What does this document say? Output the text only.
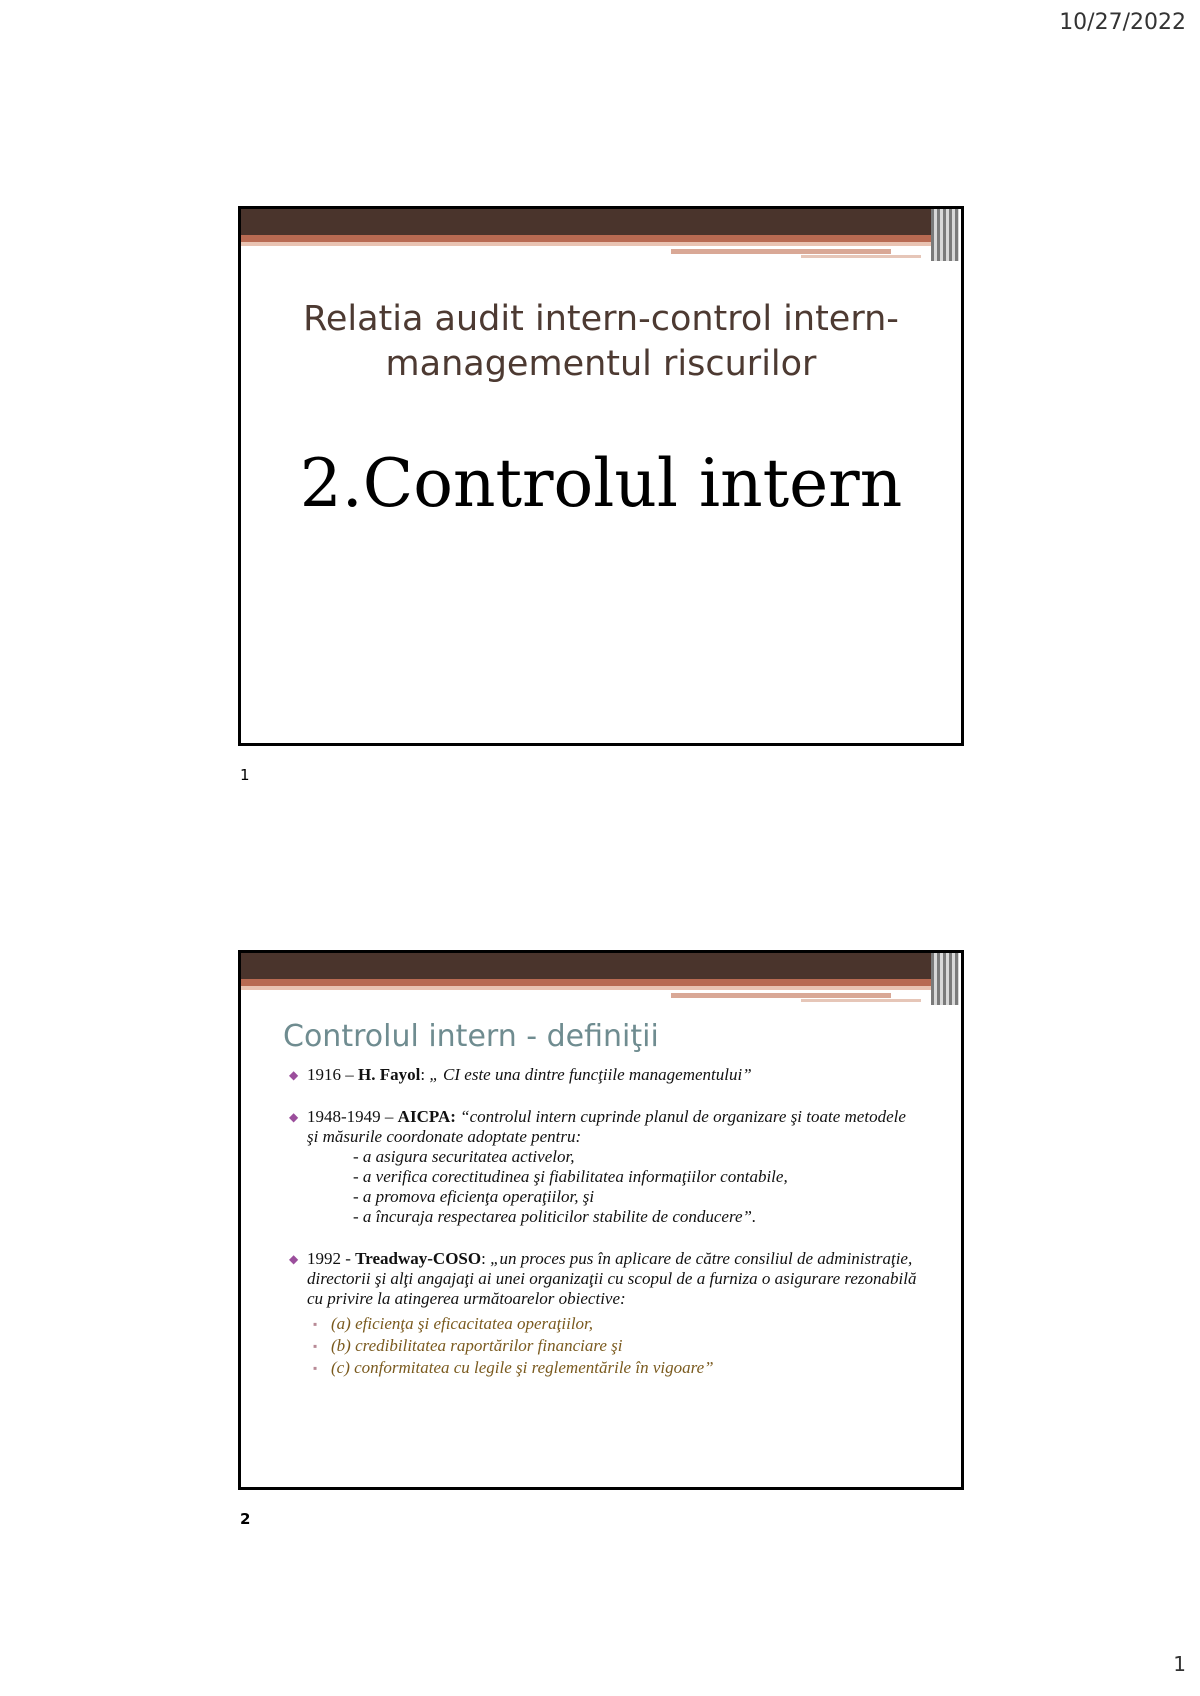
10/27/2022
Relatia audit intern-control intern-
managementul riscurilor
2.Controlul intern
1
Controlul intern - definiţii
◆ 1916 – H. Fayol: „ CI este una dintre funcţiile managementului”
◆ 1948-1949 – AICPA: “controlul intern cuprinde planul de organizare şi toate metodele şi măsurile coordonate adoptate pentru:
- a asigura securitatea activelor,
- a verifica corectitudinea şi fiabilitatea informaţiilor contabile,
- a promova eficienţa operaţiilor, şi
- a încuraja respectarea politicilor stabilite de conducere”.
◆ 1992 - Treadway-COSO: „un proces pus în aplicare de către consiliul de administraţie, directorii şi alţi angajaţi ai unei organizaţii cu scopul de a furniza o asigurare rezonabilă cu privire la atingerea următoarelor obiective:
▪ (a) eficienţa şi eficacitatea operaţiilor,
▪ (b) credibilitatea raportărilor financiare şi
▪ (c) conformitatea cu legile şi reglementările în vigoare”
2
1
